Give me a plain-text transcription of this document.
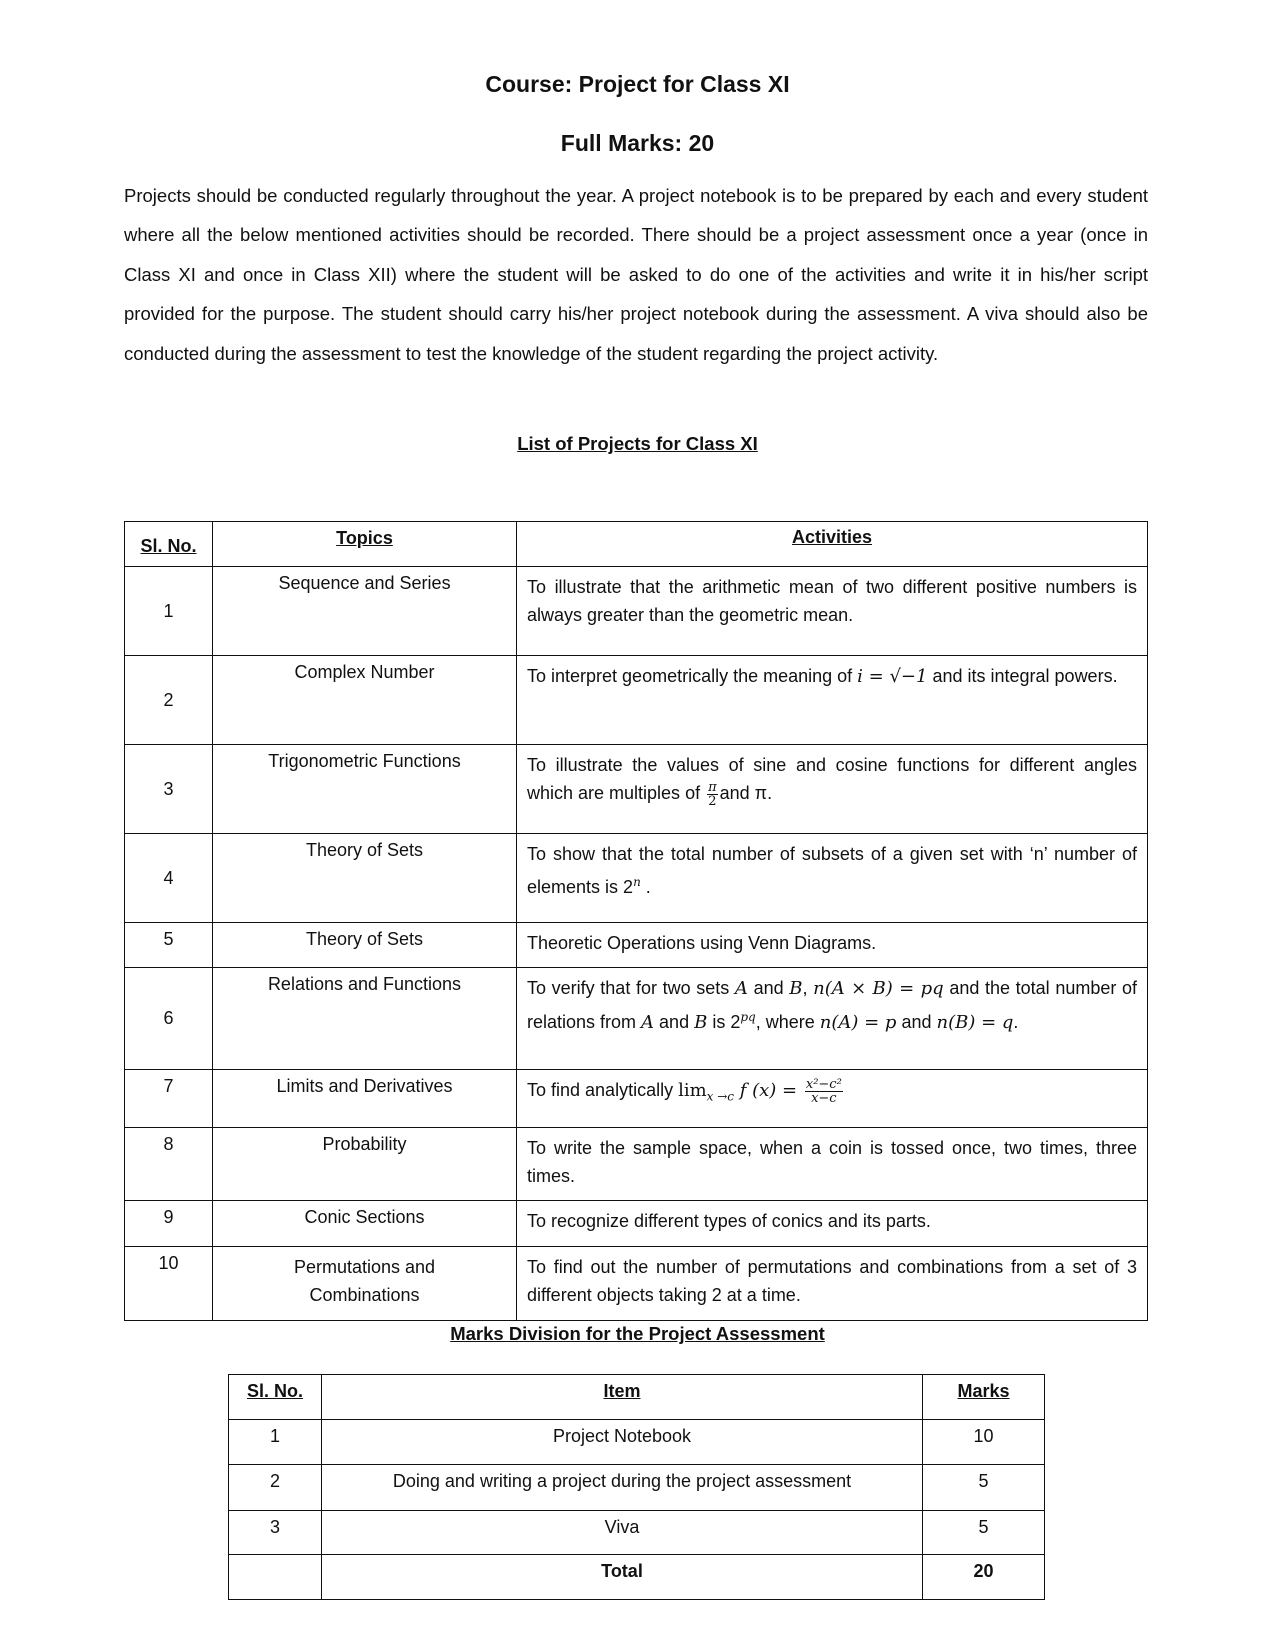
Course: Project for Class XI
Full Marks: 20
Projects should be conducted regularly throughout the year. A project notebook is to be prepared by each and every student where all the below mentioned activities should be recorded. There should be a project assessment once a year (once in Class XI and once in Class XII) where the student will be asked to do one of the activities and write it in his/her script provided for the purpose. The student should carry his/her project notebook during the assessment. A viva should also be conducted during the assessment to test the knowledge of the student regarding the project activity.
List of Projects for Class XI
Sl. No.	Topics	Activities
1	Sequence and Series	To illustrate that the arithmetic mean of two different positive numbers is always greater than the geometric mean.
2	Complex Number	To interpret geometrically the meaning of i = √−1 and its integral powers.
3	Trigonometric Functions	To illustrate the values of sine and cosine functions for different angles which are multiples of $\frac{\pi}{2}$ and π.
4	Theory of Sets	To show that the total number of subsets of a given set with ‘n’ number of elements is 2$^n$ .
5	Theory of Sets	Theoretic Operations using Venn Diagrams.
6	Relations and Functions	To verify that for two sets A and B, n(A × B) = pq and the total number of relations from A and B is $2^{pq}$, where n(A) = p and n(B) = q.
7	Limits and Derivatives	To find analytically $\lim_{x \to c} f$ $(x) = \frac{\text{x²−c²}}{x-c}$

8	Probability	To write the sample space, when a coin is tossed once, two times, three times.
9	Conic Sections	To recognize different types of conics and its parts.
10	Permutations and Combinations	To find out the number of permutations and combinations from a set of 3 different objects taking 2 at a time.
Marks Division for the Project Assessment
Sl. No.	Item	Marks
1	Project Notebook	10
2	Doing and writing a project during the project assessment	5
3	Viva	5
	Total	20
